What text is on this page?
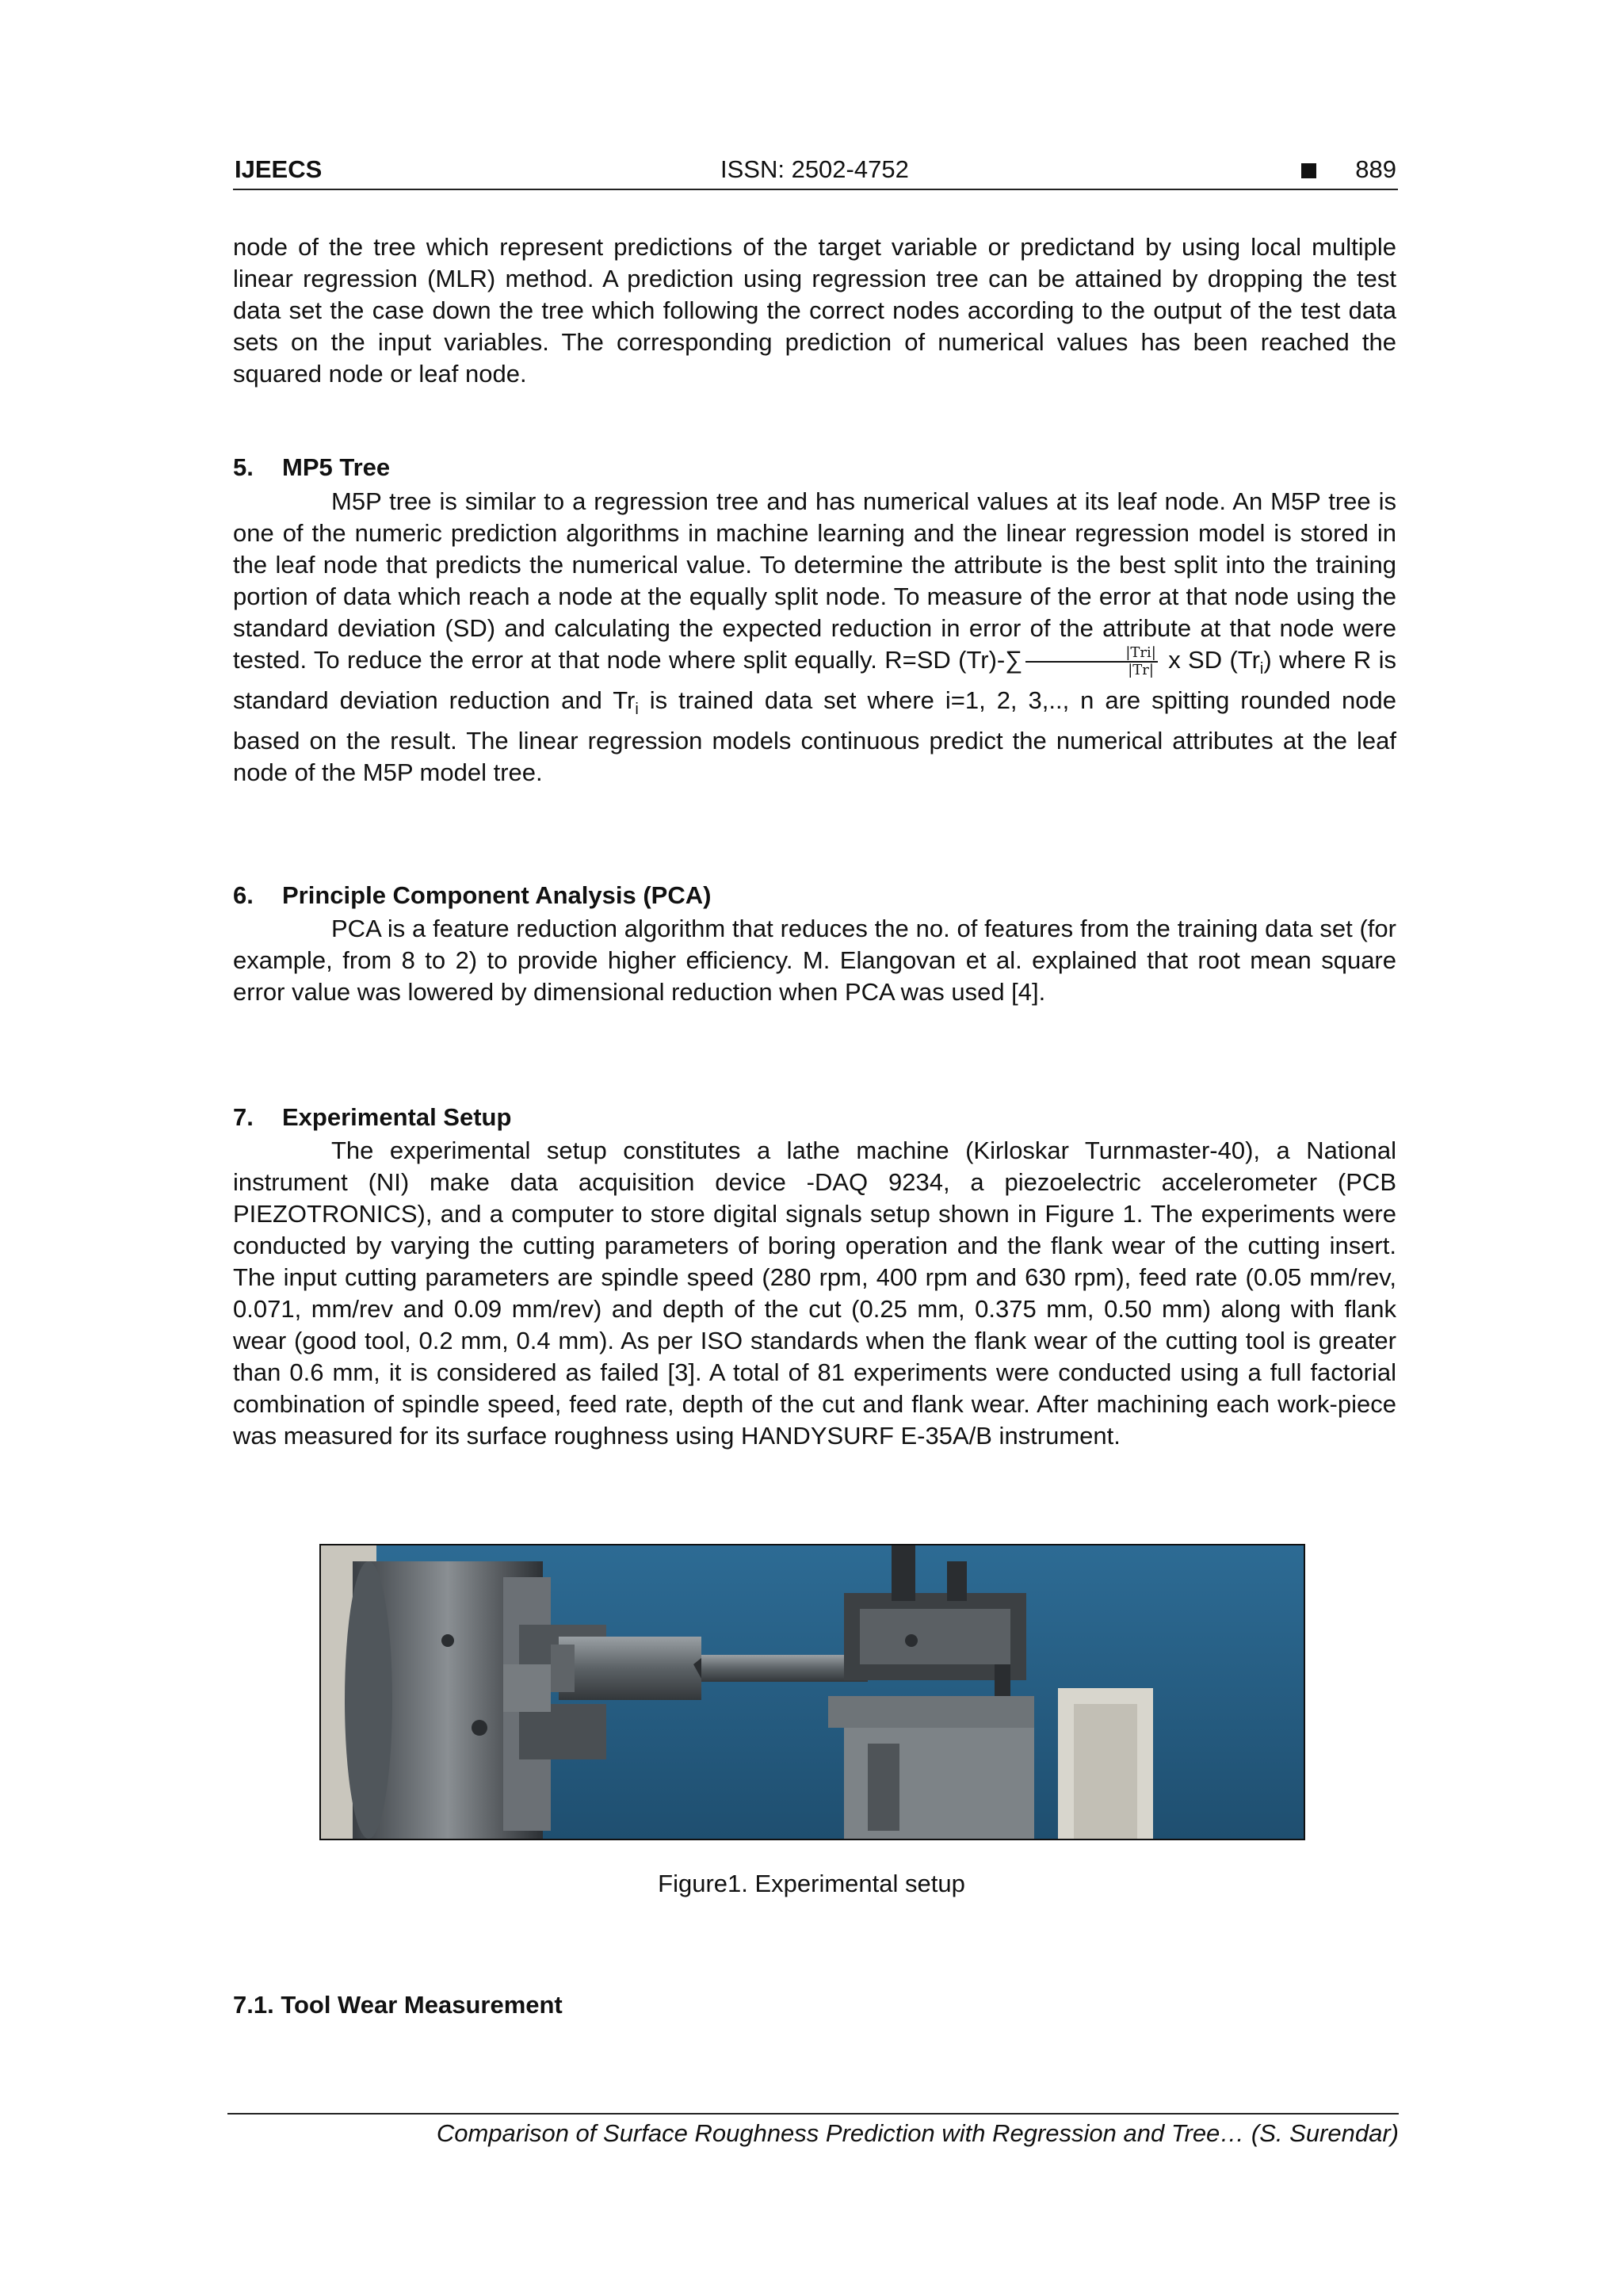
IJEECS	ISSN: 2502-4752	889
node of the tree which represent predictions of the target variable or predictand by using local multiple linear regression (MLR) method. A prediction using regression tree can be attained by dropping the test data set the case down the tree which following the correct nodes according to the output of the test data sets on the input variables. The corresponding prediction of numerical values has been reached the squared node or leaf node.
5. MP5 Tree
M5P tree is similar to a regression tree and has numerical values at its leaf node. An M5P tree is one of the numeric prediction algorithms in machine learning and the linear regression model is stored in the leaf node that predicts the numerical value. To determine the attribute is the best split into the training portion of data which reach a node at the equally split node. To measure of the error at that node using the standard deviation (SD) and calculating the expected reduction in error of the attribute at that node were tested. To reduce the error at that node where split equally. R=SD $(Tr)-\sum \frac{\text{|Tri|}}{|Tr|}$ x SD $(Tr_i)$ where R is standard deviation reduction and $Tr_i$ is trained data set where i=1, 2, 3,.., n are spitting rounded node based on the result. The linear regression models continuous predict the numerical attributes at the leaf node of the M5P model tree.
6. Principle Component Analysis (PCA)
PCA is a feature reduction algorithm that reduces the no. of features from the training data set (for example, from 8 to 2) to provide higher efficiency. M. Elangovan et al. explained that root mean square error value was lowered by dimensional reduction when PCA was used [4].
7. Experimental Setup
The experimental setup constitutes a lathe machine (Kirloskar Turnmaster-40), a National instrument (NI) make data acquisition device -DAQ 9234, a piezoelectric accelerometer (PCB PIEZOTRONICS), and a computer to store digital signals setup shown in Figure 1. The experiments were conducted by varying the cutting parameters of boring operation and the flank wear of the cutting insert. The input cutting parameters are spindle speed (280 rpm, 400 rpm and 630 rpm), feed rate (0.05 mm/rev, 0.071, mm/rev and 0.09 mm/rev) and depth of the cut (0.25 mm, 0.375 mm, 0.50 mm) along with flank wear (good tool, 0.2 mm, 0.4 mm). As per ISO standards when the flank wear of the cutting tool is greater than 0.6 mm, it is considered as failed [3]. A total of 81 experiments were conducted using a full factorial combination of spindle speed, feed rate, depth of the cut and flank wear. After machining each work-piece was measured for its surface roughness using HANDYSURF E-35A/B instrument.
Figure1. Experimental setup
7.1. Tool Wear Measurement
Comparison of Surface Roughness Prediction with Regression and Tree… (S. Surendar)
